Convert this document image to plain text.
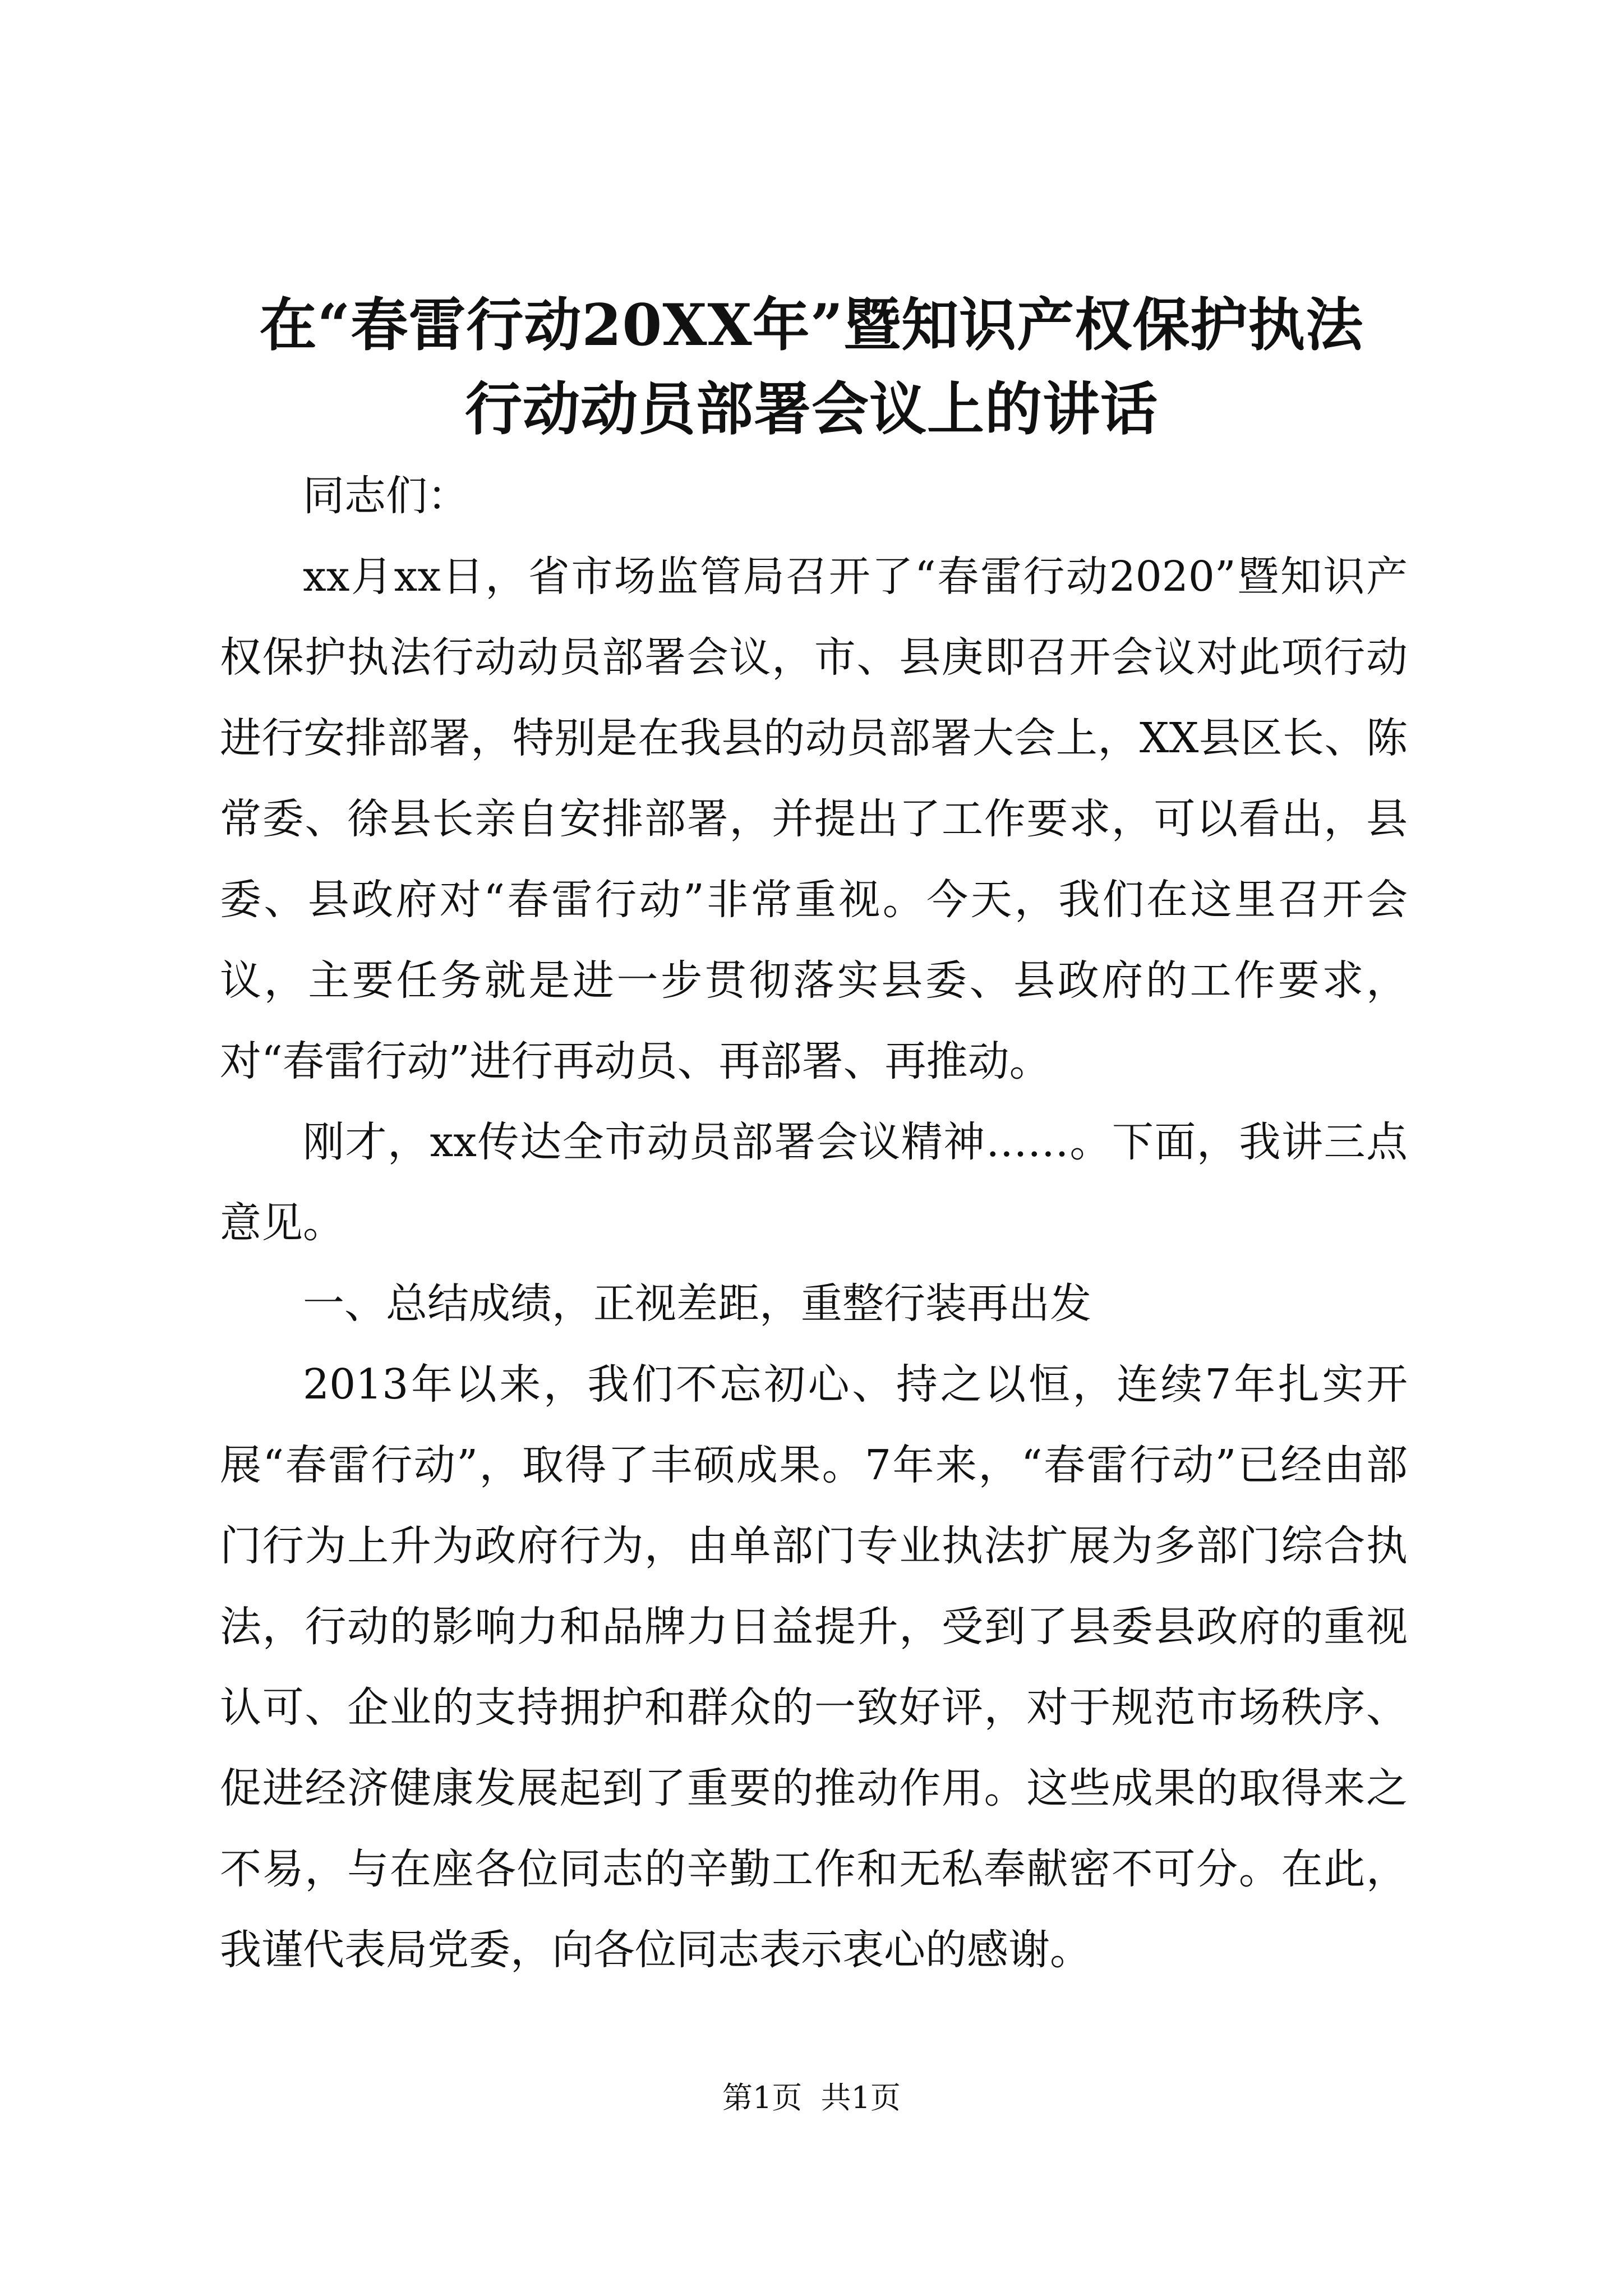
在“春雷行动20XX年”暨知识产权保护执法
行动动员部署会议上的讲话

同志们：

xx月xx日，省市场监管局召开了“春雷行动2020”暨知识产权保护执法行动动员部署会议，市、县庚即召开会议对此项行动进行安排部署，特别是在我县的动员部署大会上，XX县区长、陈常委、徐县长亲自安排部署，并提出了工作要求，可以看出，县委、县政府对“春雷行动”非常重视。今天，我们在这里召开会议，主要任务就是进一步贯彻落实县委、县政府的工作要求，对“春雷行动”进行再动员、再部署、再推动。

刚才，xx传达全市动员部署会议精神……。下面，我讲三点意见。

一、总结成绩，正视差距，重整行装再出发

2013年以来，我们不忘初心、持之以恒，连续7年扎实开展“春雷行动”，取得了丰硕成果。7年来，“春雷行动”已经由部门行为上升为政府行为，由单部门专业执法扩展为多部门综合执法，行动的影响力和品牌力日益提升，受到了县委县政府的重视认可、企业的支持拥护和群众的一致好评，对于规范市场秩序、促进经济健康发展起到了重要的推动作用。这些成果的取得来之不易，与在座各位同志的辛勤工作和无私奉献密不可分。在此，我谨代表局党委，向各位同志表示衷心的感谢。

第1页 共1页
